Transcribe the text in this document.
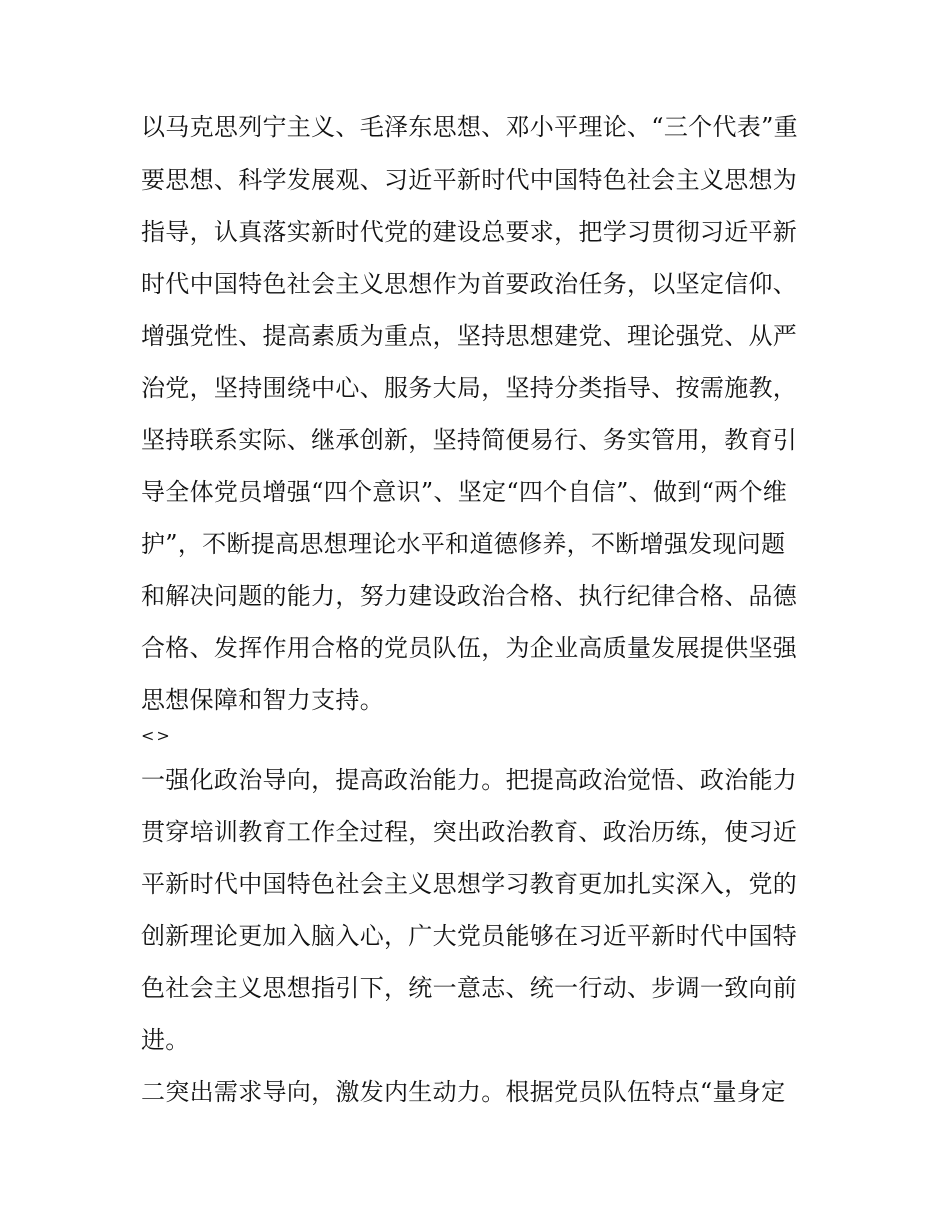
以马克思列宁主义、毛泽东思想、邓小平理论、“三个代表”重
要思想、科学发展观、习近平新时代中国特色社会主义思想为
指导，认真落实新时代党的建设总要求，把学习贯彻习近平新
时代中国特色社会主义思想作为首要政治任务，以坚定信仰、
增强党性、提高素质为重点，坚持思想建党、理论强党、从严
治党，坚持围绕中心、服务大局，坚持分类指导、按需施教，
坚持联系实际、继承创新，坚持简便易行、务实管用，教育引
导全体党员增强“四个意识”、坚定“四个自信”、做到“两个维
护”，不断提高思想理论水平和道德修养，不断增强发现问题
和解决问题的能力，努力建设政治合格、执行纪律合格、品德
合格、发挥作用合格的党员队伍，为企业高质量发展提供坚强
思想保障和智力支持。
<>
一强化政治导向，提高政治能力。把提高政治觉悟、政治能力
贯穿培训教育工作全过程，突出政治教育、政治历练，使习近
平新时代中国特色社会主义思想学习教育更加扎实深入，党的
创新理论更加入脑入心，广大党员能够在习近平新时代中国特
色社会主义思想指引下，统一意志、统一行动、步调一致向前
进。
二突出需求导向，激发内生动力。根据党员队伍特点“量身定
